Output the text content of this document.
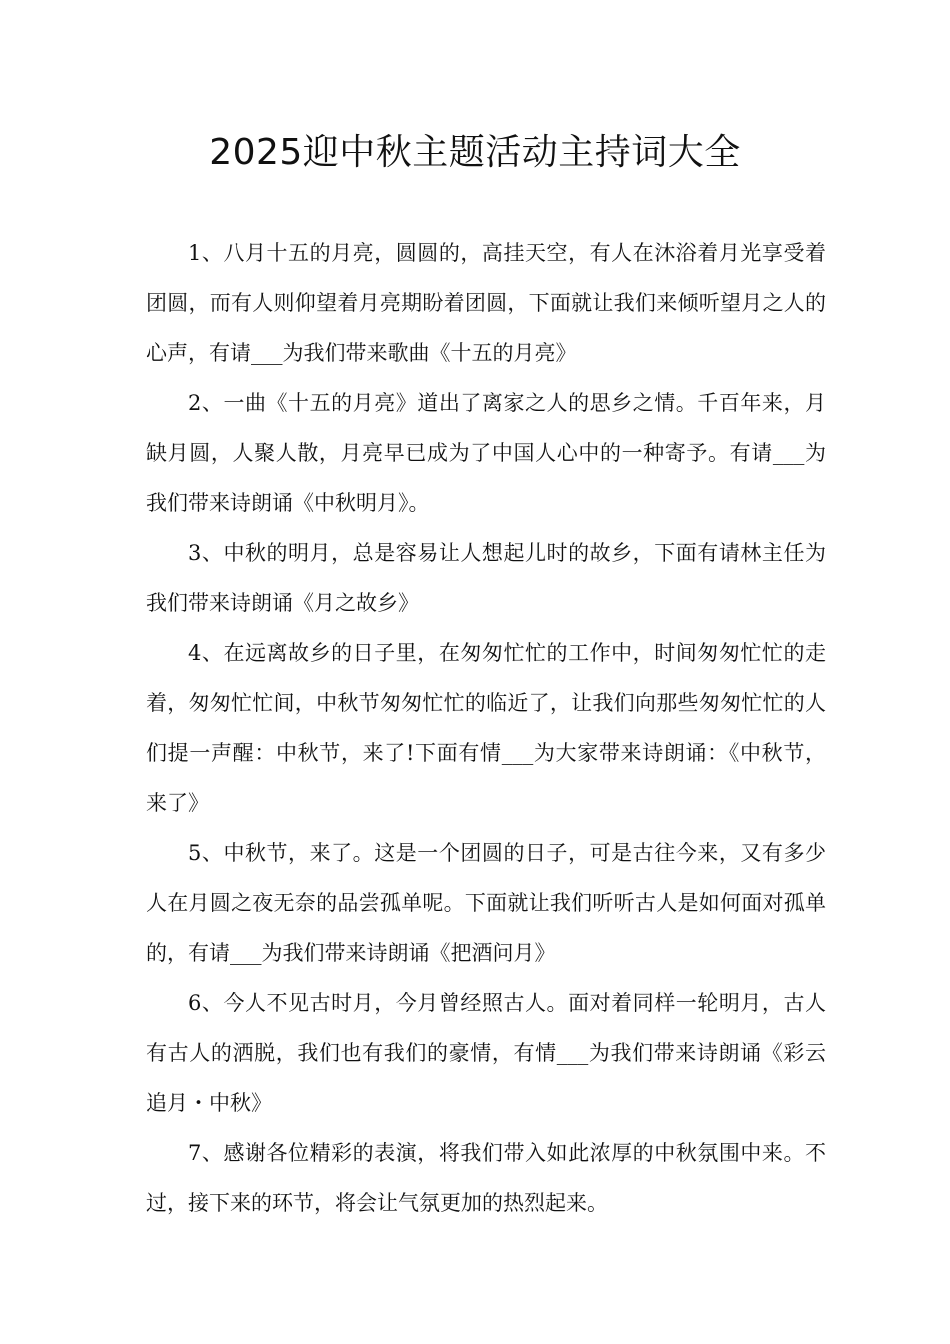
2025迎中秋主题活动主持词大全

1、八月十五的月亮，圆圆的，高挂天空，有人在沐浴着月光享受着团圆，而有人则仰望着月亮期盼着团圆，下面就让我们来倾听望月之人的心声，有请___为我们带来歌曲《十五的月亮》

2、一曲《十五的月亮》道出了离家之人的思乡之情。千百年来，月缺月圆，人聚人散，月亮早已成为了中国人心中的一种寄予。有请___为我们带来诗朗诵《中秋明月》。

3、中秋的明月，总是容易让人想起儿时的故乡，下面有请林主任为我们带来诗朗诵《月之故乡》

4、在远离故乡的日子里，在匆匆忙忙的工作中，时间匆匆忙忙的走着，匆匆忙忙间，中秋节匆匆忙忙的临近了，让我们向那些匆匆忙忙的人们提一声醒：中秋节，来了!下面有情___为大家带来诗朗诵：《中秋节，来了》

5、中秋节，来了。这是一个团圆的日子，可是古往今来，又有多少人在月圆之夜无奈的品尝孤单呢。下面就让我们听听古人是如何面对孤单的，有请___为我们带来诗朗诵《把酒问月》

6、今人不见古时月，今月曾经照古人。面对着同样一轮明月，古人有古人的洒脱，我们也有我们的豪情，有情___为我们带来诗朗诵《彩云追月・中秋》

7、感谢各位精彩的表演，将我们带入如此浓厚的中秋氛围中来。不过，接下来的环节，将会让气氛更加的热烈起来。
